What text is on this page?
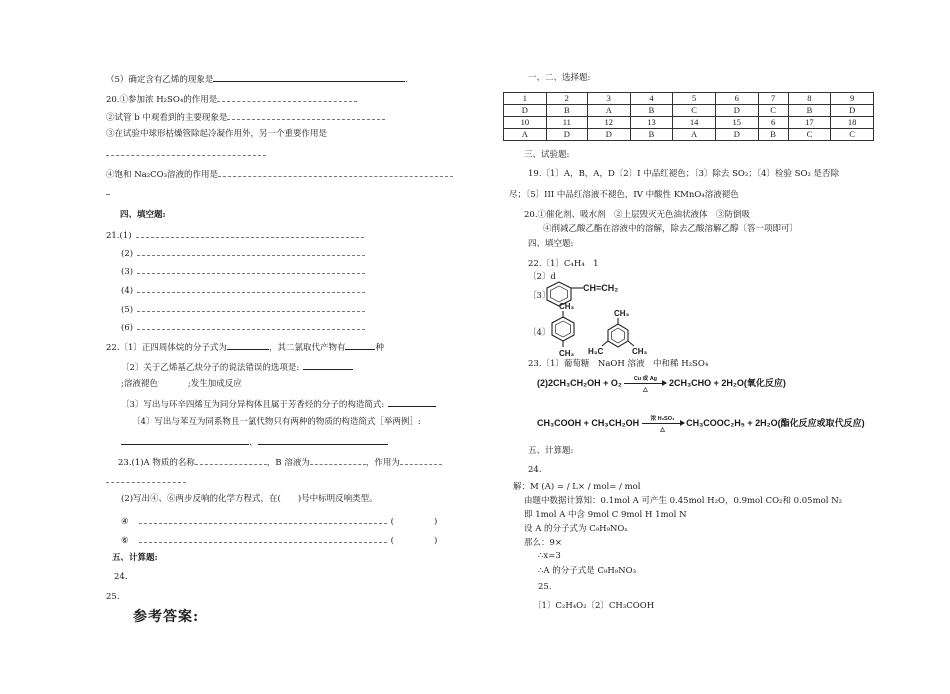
（5）确定含有乙烯的现象是	.
20.①参加浓 H₂SO₄的作用是
②试管 b 中观看到的主要现象是
③在试验中球形枯燥管除起冷凝作用外，另一个重要作用是
④饱和 Na₂CO₃溶液的作用是
四、填空题:
21.(1)
(2)
(3)
(4)
(5)
(6)
22.〔1〕正四周体烷的分子式为	，其二氯取代产物有	种
〔2〕关于乙烯基乙炔分子的说法错误的选项是:
;溶液褪色	;发生加成反应
〔3〕写出与环辛四烯互为同分异构体且属于芳香烃的分子的构造简式:
〔4〕写出与苯互为同系物且一氯代物只有两种的物质的构造简式［举两例］:
、
23.(1)A 物质的名称	，B 溶液为	，作用为
(2)写出④、⑥两步反响的化学方程式，在(　　)号中标明反响类型。
④	(	)
⑥	(	)
五、计算题:
24.
25.
参考答案:
一、二、选择题:
1	2	3	4	5	6	7	8	9
D	B	A	B	C	D	C	B	D
10	11	12	13	14	15	6	17	18
A	D	D	B	A	D	B	C	C
三、试验题:
19.〔1〕A，B，A，D〔2〕I 中品红褪色；〔3〕除去 SO₂；〔4〕检验 SO₂ 是否除
尽；〔5〕III 中品红溶液不褪色，IV 中酸性 KMnO₄溶液褪色
20.①催化剂、吸水剂　②上层毁灭无色油状液体　③防倒吸
④削减乙酸乙酯在溶液中的溶解，除去乙酸溶解乙醇〔答一项即可〕
四、填空题:
22.〔1〕C₄H₄　1
〔2〕d
〔3〕
〔4〕
CH=CH₂
CH₃
CH₃
CH₃
H₃C	CH₃
23.〔1〕葡萄糖　NaOH 溶液　中和稀 H₂SO₄
(2)2CH₃CH₂OH + O₂	Cu 或 Ag
△
2CH₃CHO + 2H₂O(氧化反应)
CH₃COOH + CH₃CH₂OH	浓 H₂SO₄
△
CH₃COOC₂H₅ + 2H₂O(酯化反应或取代反应)
五、计算题:
24.
解：M (A) = / L× / mol= / mol
由题中数据计算知：0.1mol A 可产生 0.45mol H₂O，0.9mol CO₂和 0.05mol N₂
即 1mol A 中含 9mol C 9mol H 1mol N
设 A 的分子式为 C₉H₉NOₓ
那么：9×
∴x=3
∴A 的分子式是 C₉H₉NO₃
25.
〔1〕C₂H₄O₂〔2〕CH₃COOH
